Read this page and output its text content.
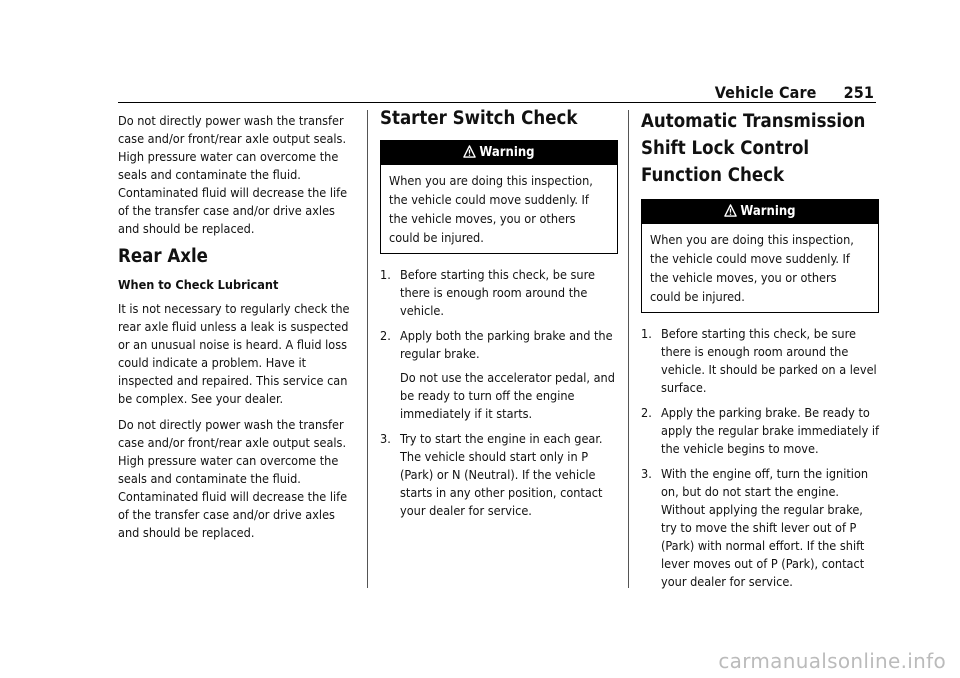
Vehicle Care 251

Do not directly power wash the transfer case and/or front/rear axle output seals. High pressure water can overcome the seals and contaminate the fluid. Contaminated fluid will decrease the life of the transfer case and/or drive axles and should be replaced.

Rear Axle
When to Check Lubricant

It is not necessary to regularly check the rear axle fluid unless a leak is suspected or an unusual noise is heard. A fluid loss could indicate a problem. Have it inspected and repaired. This service can be complex. See your dealer.

Do not directly power wash the transfer case and/or front/rear axle output seals. High pressure water can overcome the seals and contaminate the fluid. Contaminated fluid will decrease the life of the transfer case and/or drive axles and should be replaced.

Starter Switch Check
Warning
When you are doing this inspection, the vehicle could move suddenly. If the vehicle moves, you or others could be injured.
1. Before starting this check, be sure there is enough room around the vehicle.

2. Apply both the parking brake and the regular brake.

Do not use the accelerator pedal, and be ready to turn off the engine immediately if it starts.

3. Try to start the engine in each gear. The vehicle should start only in P (Park) or N (Neutral). If the vehicle starts in any other position, contact your dealer for service.

Automatic Transmission Shift Lock Control Function Check
Warning
When you are doing this inspection, the vehicle could move suddenly. If the vehicle moves, you or others could be injured.
1. Before starting this check, be sure there is enough room around the vehicle. It should be parked on a level surface.

2. Apply the parking brake. Be ready to apply the regular brake immediately if the vehicle begins to move.

3. With the engine off, turn the ignition on, but do not start the engine. Without applying the regular brake, try to move the shift lever out of P (Park) with normal effort. If the shift lever moves out of P (Park), contact your dealer for service.

carmanualsonline.info
